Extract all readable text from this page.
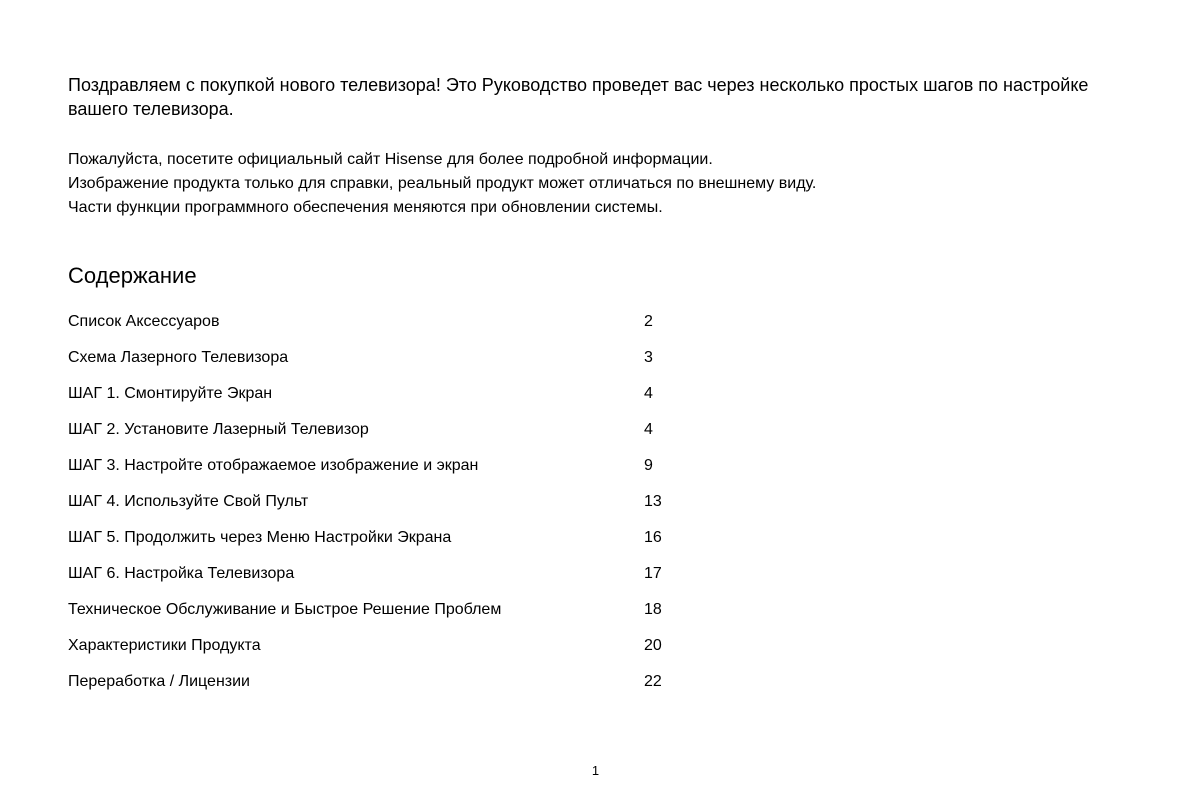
Поздравляем с покупкой нового телевизора! Это Руководство проведет вас через несколько простых шагов по настройке вашего телевизора.

Пожалуйста, посетите официальный сайт Hisense для более подробной информации.
Изображение продукта только для справки, реальный продукт может отличаться по внешнему виду.
Части функции программного обеспечения меняются при обновлении системы.
Содержание
Список Аксессуаров	2
Схема Лазерного Телевизора	3
ШАГ 1. Смонтируйте Экран	4
ШАГ 2. Установите Лазерный Телевизор	4
ШАГ 3. Настройте отображаемое изображение и экран	9
ШАГ 4. Используйте Свой Пульт	13
ШАГ 5. Продолжить через Меню Настройки Экрана	16
ШАГ 6. Настройка Телевизора	17
Техническое Обслуживание и Быстрое Решение Проблем	18
Характеристики Продукта	20
Переработка / Лицензии	22
1
